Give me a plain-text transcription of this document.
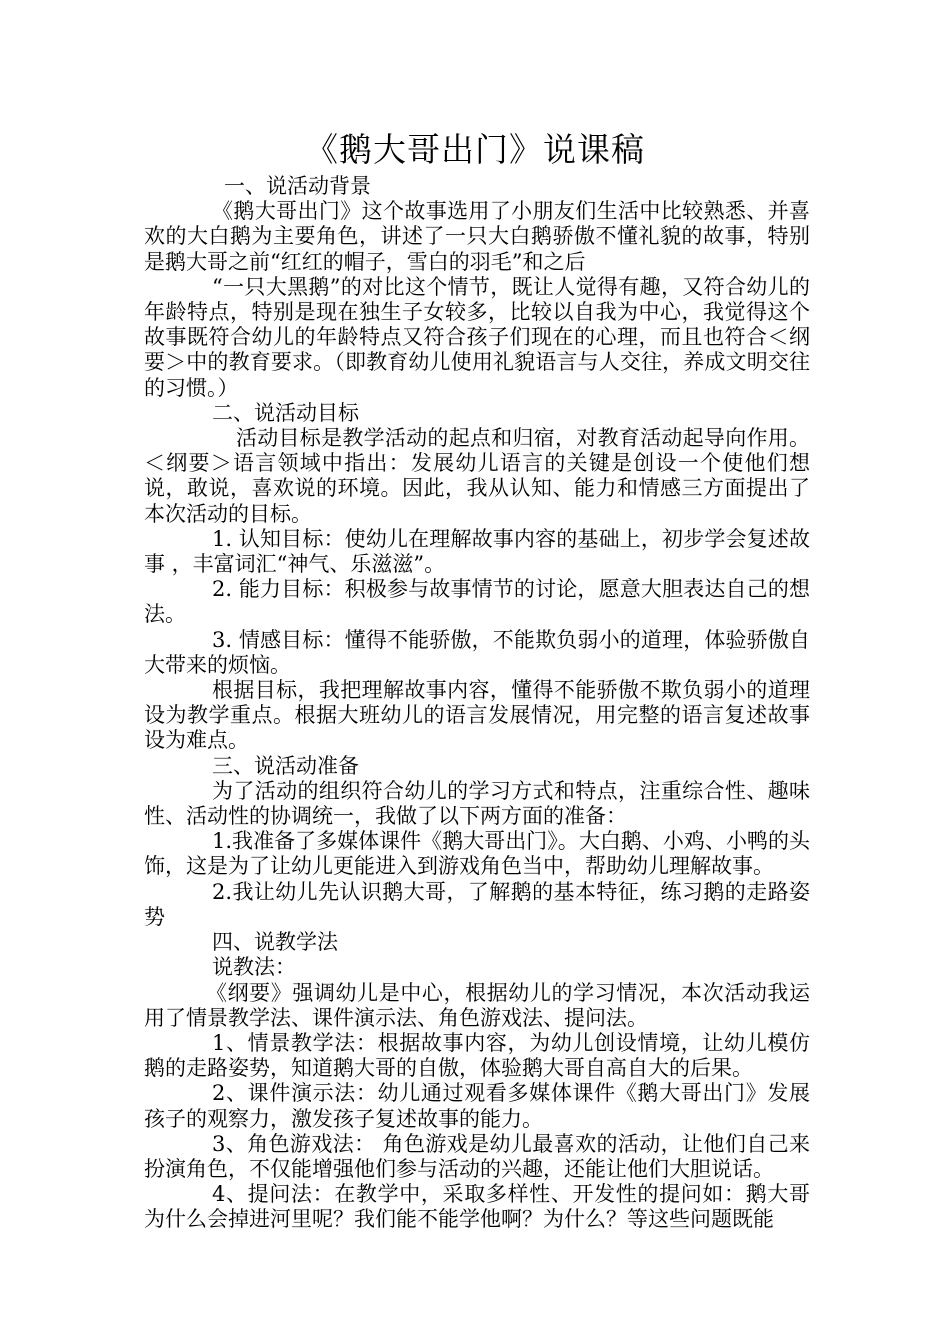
《鹅大哥出门》说课稿

一、说活动背景

《鹅大哥出门》这个故事选用了小朋友们生活中比较熟悉、并喜欢的大白鹅为主要角色，讲述了一只大白鹅骄傲不懂礼貌的故事，特别是鹅大哥之前“红红的帽子，雪白的羽毛”和之后

“一只大黑鹅”的对比这个情节，既让人觉得有趣，又符合幼儿的年龄特点，特别是现在独生子女较多，比较以自我为中心，我觉得这个故事既符合幼儿的年龄特点又符合孩子们现在的心理，而且也符合＜纲要＞中的教育要求。（即教育幼儿使用礼貌语言与人交往，养成文明交往的习惯。）

二、说活动目标

活动目标是教学活动的起点和归宿，对教育活动起导向作用。＜纲要＞语言领域中指出：发展幼儿语言的关键是创设一个使他们想说，敢说，喜欢说的环境。因此，我从认知、能力和情感三方面提出了本次活动的目标。

1. 认知目标：使幼儿在理解故事内容的基础上，初步学会复述故事 ，丰富词汇“神气、乐滋滋”。

2. 能力目标：积极参与故事情节的讨论，愿意大胆表达自己的想法。

3. 情感目标：懂得不能骄傲，不能欺负弱小的道理，体验骄傲自大带来的烦恼。

根据目标，我把理解故事内容，懂得不能骄傲不欺负弱小的道理设为教学重点。根据大班幼儿的语言发展情况，用完整的语言复述故事设为难点。

三、说活动准备

为了活动的组织符合幼儿的学习方式和特点，注重综合性、趣味性、活动性的协调统一，我做了以下两方面的准备：

1.我准备了多媒体课件《鹅大哥出门》。大白鹅、小鸡、小鸭的头饰，这是为了让幼儿更能进入到游戏角色当中，帮助幼儿理解故事。

2.我让幼儿先认识鹅大哥，了解鹅的基本特征，练习鹅的走路姿势

四、说教学法

说教法：

《纲要》强调幼儿是中心，根据幼儿的学习情况，本次活动我运用了情景教学法、课件演示法、角色游戏法、提问法。

1、情景教学法：根据故事内容，为幼儿创设情境，让幼儿模仿鹅的走路姿势，知道鹅大哥的自傲，体验鹅大哥自高自大的后果。

2、课件演示法：幼儿通过观看多媒体课件《鹅大哥出门》发展孩子的观察力，激发孩子复述故事的能力。

3、角色游戏法： 角色游戏是幼儿最喜欢的活动，让他们自己来扮演角色，不仅能增强他们参与活动的兴趣，还能让他们大胆说话。

4、提问法：在教学中，采取多样性、开发性的提问如：鹅大哥为什么会掉进河里呢？我们能不能学他啊？为什么？等这些问题既能
